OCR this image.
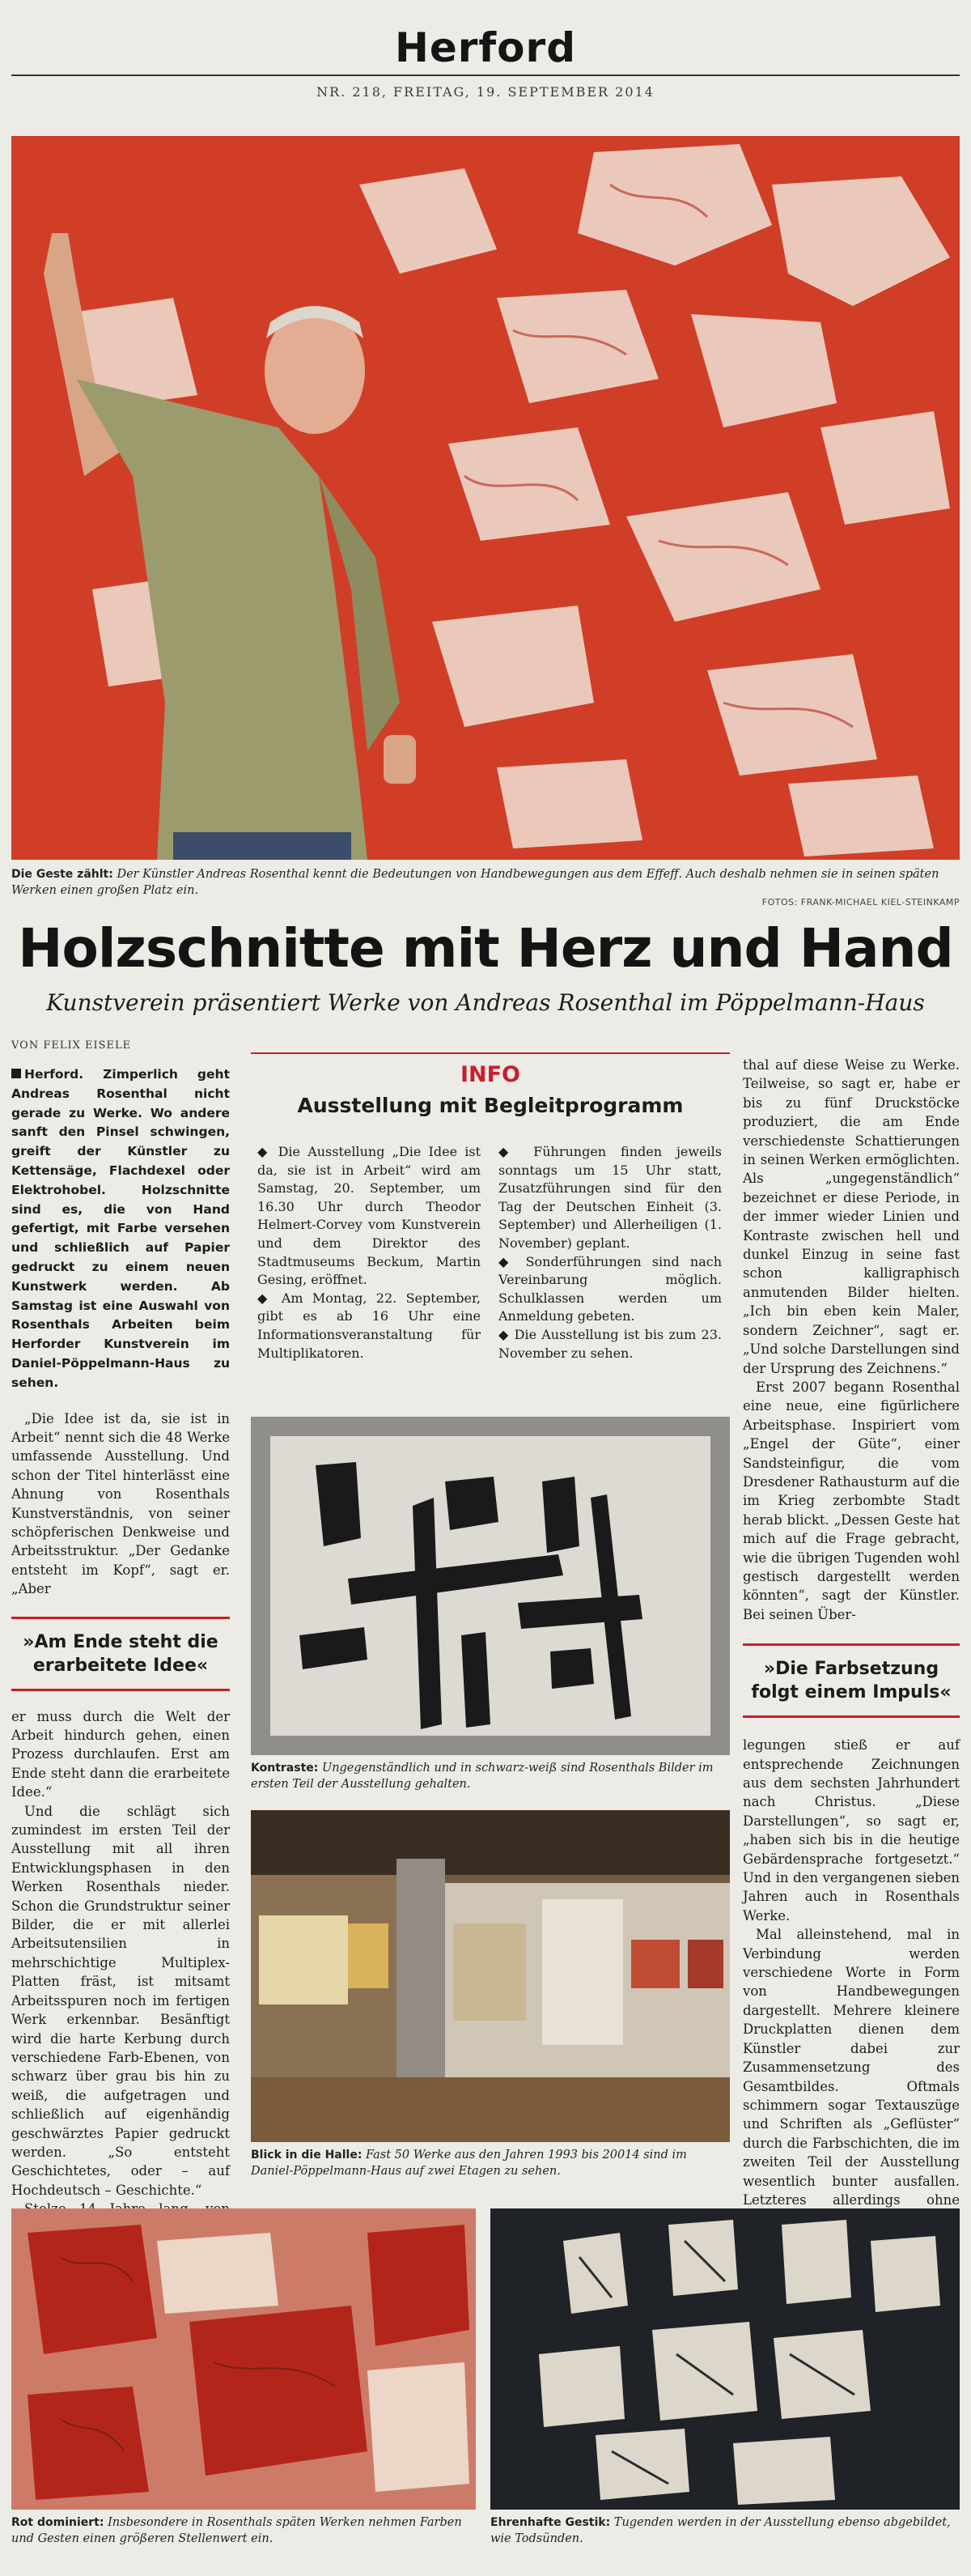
Herford
NR. 218, FREITAG, 19. SEPTEMBER 2014
Die Geste zählt: Der Künstler Andreas Rosenthal kennt die Bedeutungen von Handbewegungen aus dem Effeff. Auch deshalb nehmen sie in seinen späten Werken einen großen Platz ein.
FOTOS: FRANK-MICHAEL KIEL-STEINKAMP
Holzschnitte mit Herz und Hand
Kunstverein präsentiert Werke von Andreas Rosenthal im Pöppelmann-Haus
VON FELIX EISELE

Herford. Zimperlich geht Andreas Rosenthal nicht gerade zu Werke. Wo andere sanft den Pinsel schwingen, greift der Künstler zu Kettensäge, Flachdexel oder Elektrohobel. Holzschnitte sind es, die von Hand gefertigt, mit Farbe versehen und schließlich auf Papier gedruckt zu einem neuen Kunstwerk werden. Ab Samstag ist eine Auswahl von Rosenthals Arbeiten beim Herforder Kunstverein im Daniel-Pöppelmann-Haus zu sehen.

„Die Idee ist da, sie ist in Arbeit“ nennt sich die 48 Werke umfassende Ausstellung. Und schon der Titel hinterlässt eine Ahnung von Rosenthals Kunstverständnis, von seiner schöpferischen Denkweise und Arbeitsstruktur. „Der Gedanke entsteht im Kopf“, sagt er. „Aber

»Am Ende steht die erarbeitete Idee«

er muss durch die Welt der Arbeit hindurch gehen, einen Prozess durchlaufen. Erst am Ende steht dann die erarbeitete Idee.“

Und die schlägt sich zumindest im ersten Teil der Ausstellung mit all ihren Entwicklungsphasen in den Werken Rosenthals nieder. Schon die Grundstruktur seiner Bilder, die er mit allerlei Arbeitsutensilien in mehrschichtige Multiplex-Platten fräst, ist mitsamt Arbeitsspuren noch im fertigen Werk erkennbar. Besänftigt wird die harte Kerbung durch verschiedene Farb-Ebenen, von schwarz über grau bis hin zu weiß, die aufgetragen und schließlich auf eigenhändig geschwärztes Papier gedruckt werden. „So entsteht Geschichtetes, oder – auf Hochdeutsch – Geschichte.“

INFO
Ausstellung mit Begleitprogramm

◆ Die Ausstellung „Die Idee ist da, sie ist in Arbeit“ wird am Samstag, 20. September, um 16.30 Uhr durch Theodor Helmert-Corvey vom Kunstverein und dem Direktor des Stadtmuseums Beckum, Martin Gesing, eröffnet.

◆ Am Montag, 22. September, gibt es ab 16 Uhr eine Informationsveranstaltung für Multiplikatoren.

◆ Führungen finden jeweils sonntags um 15 Uhr statt, Zusatzführungen sind für den Tag der Deutschen Einheit (3. September) und Allerheiligen (1. November) geplant.

◆ Sonderführungen sind nach Vereinbarung möglich. Schulklassen werden um Anmeldung gebeten.

◆ Die Ausstellung ist bis zum 23. November zu sehen.

Kontraste: Ungegenständlich und in schwarz-weiß sind Rosenthals Bilder im ersten Teil der Ausstellung gehalten.
Blick in die Halle: Fast 50 Werke aus den Jahren 1993 bis 20014 sind im Daniel-Pöppelmann-Haus auf zwei Etagen zu sehen.

thal auf diese Weise zu Werke. Teilweise, so sagt er, habe er bis zu fünf Druckstöcke produziert, die am Ende verschiedenste Schattierungen in seinen Werken ermöglichten. Als „ungegenständlich“ bezeichnet er diese Periode, in der immer wieder Linien und Kontraste zwischen hell und dunkel Einzug in seine fast schon kalligraphisch anmutenden Bilder hielten. „Ich bin eben kein Maler, sondern Zeichner“, sagt er. „Und solche Darstellungen sind der Ursprung des Zeichnens.“

Erst 2007 begann Rosenthal eine neue, eine figürlichere Arbeitsphase. Inspiriert vom „Engel der Güte“, einer Sandsteinfigur, die vom Dresdener Rathausturm auf die im Krieg zerbombte Stadt herab blickt. „Dessen Geste hat mich auf die Frage gebracht, wie die übrigen Tugenden wohl gestisch dargestellt werden könnten“, sagt der Künstler. Bei seinen Über-

»Die Farbsetzung folgt einem Impuls«

legungen stieß er auf entsprechende Zeichnungen aus dem sechsten Jahrhundert nach Christus. „Diese Darstellungen“, so sagt er, „haben sich bis in die heutige Gebärdensprache fortgesetzt.“ Und in den vergangenen sieben Jahren auch in Rosenthals Werke.

Mal alleinstehend, mal in Verbindung werden verschiedene Worte in Form von Handbewegungen dargestellt. Mehrere kleinere Druckplatten dienen dem Künstler dabei zur Zusammensetzung des Gesamtbildes. Oftmals schimmern sogar Textauszüge und Schriften als „Geflüster“ durch die Farbschichten, die im zweiten Teil der Ausstellung wesentlich bunter ausfallen. Letzteres allerdings ohne

Rot dominiert: Insbesondere in Rosenthals späten Werken nehmen Farben und Gesten einen größeren Stellenwert ein.
Ehrenhafte Gestik: Tugenden werden in der Ausstellung ebenso abgebildet, wie Todsünden.
